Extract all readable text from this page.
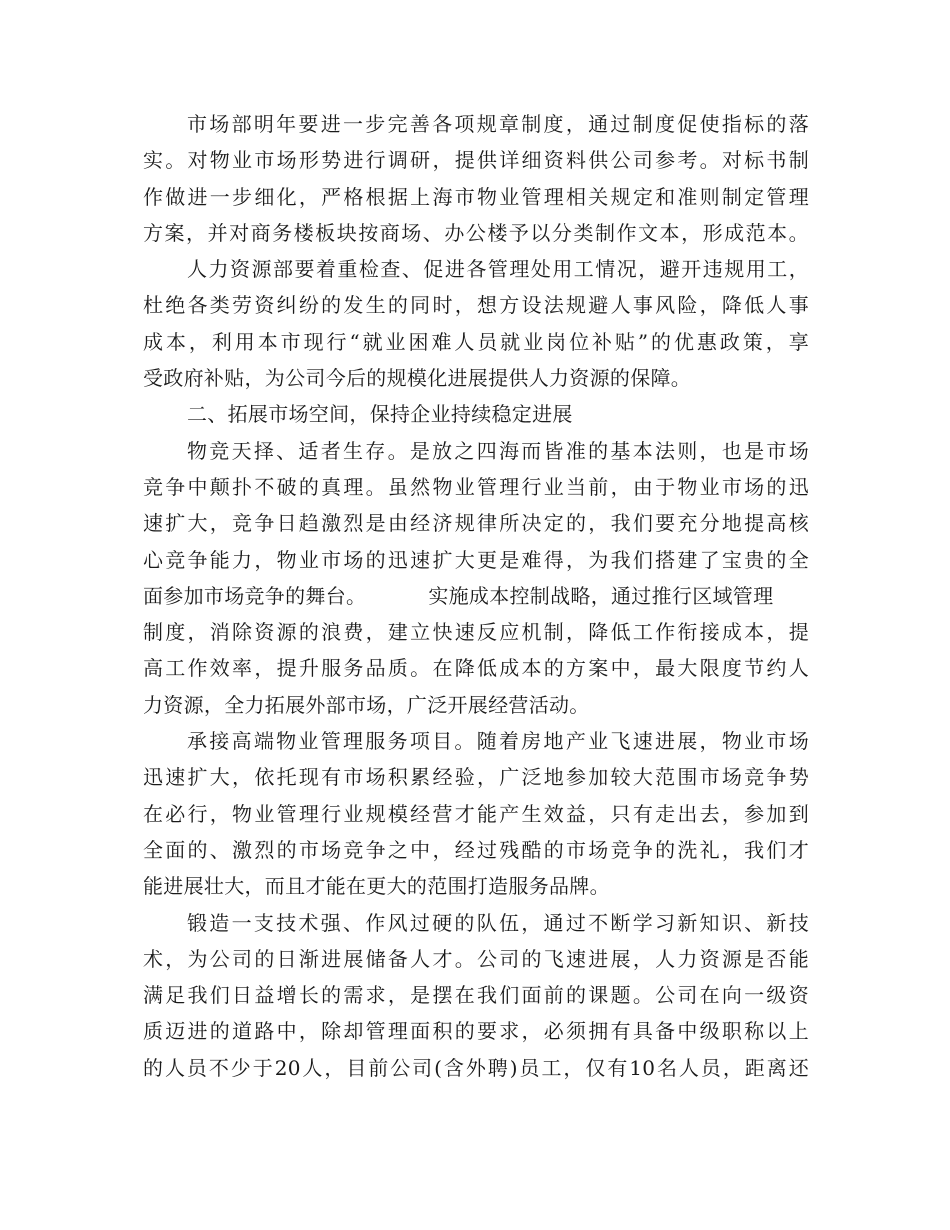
市场部明年要进一步完善各项规章制度，通过制度促使指标的落
实。对物业市场形势进行调研，提供详细资料供公司参考。对标书制
作做进一步细化，严格根据上海市物业管理相关规定和准则制定管理
方案，并对商务楼板块按商场、办公楼予以分类制作文本，形成范本。
人力资源部要着重检查、促进各管理处用工情况，避开违规用工，
杜绝各类劳资纠纷的发生的同时，想方设法规避人事风险，降低人事
成本，利用本市现行“就业困难人员就业岗位补贴”的优惠政策，享
受政府补贴，为公司今后的规模化进展提供人力资源的保障。
二、拓展市场空间，保持企业持续稳定进展
物竞天择、适者生存。是放之四海而皆准的基本法则，也是市场
竞争中颠扑不破的真理。虽然物业管理行业当前，由于物业市场的迅
速扩大，竞争日趋激烈是由经济规律所决定的，我们要充分地提高核
心竞争能力，物业市场的迅速扩大更是难得，为我们搭建了宝贵的全
面参加市场竞争的舞台。	实施成本控制战略，通过推行区域管理
制度，消除资源的浪费，建立快速反应机制，降低工作衔接成本，提
高工作效率，提升服务品质。在降低成本的方案中，最大限度节约人
力资源，全力拓展外部市场，广泛开展经营活动。
承接高端物业管理服务项目。随着房地产业飞速进展，物业市场
迅速扩大，依托现有市场积累经验，广泛地参加较大范围市场竞争势
在必行，物业管理行业规模经营才能产生效益，只有走出去，参加到
全面的、激烈的市场竞争之中，经过残酷的市场竞争的洗礼，我们才
能进展壮大，而且才能在更大的范围打造服务品牌。
锻造一支技术强、作风过硬的队伍，通过不断学习新知识、新技
术，为公司的日渐进展储备人才。公司的飞速进展，人力资源是否能
满足我们日益增长的需求，是摆在我们面前的课题。公司在向一级资
质迈进的道路中，除却管理面积的要求，必须拥有具备中级职称以上
的人员不少于20人，目前公司(含外聘)员工，仅有10名人员，距离还
